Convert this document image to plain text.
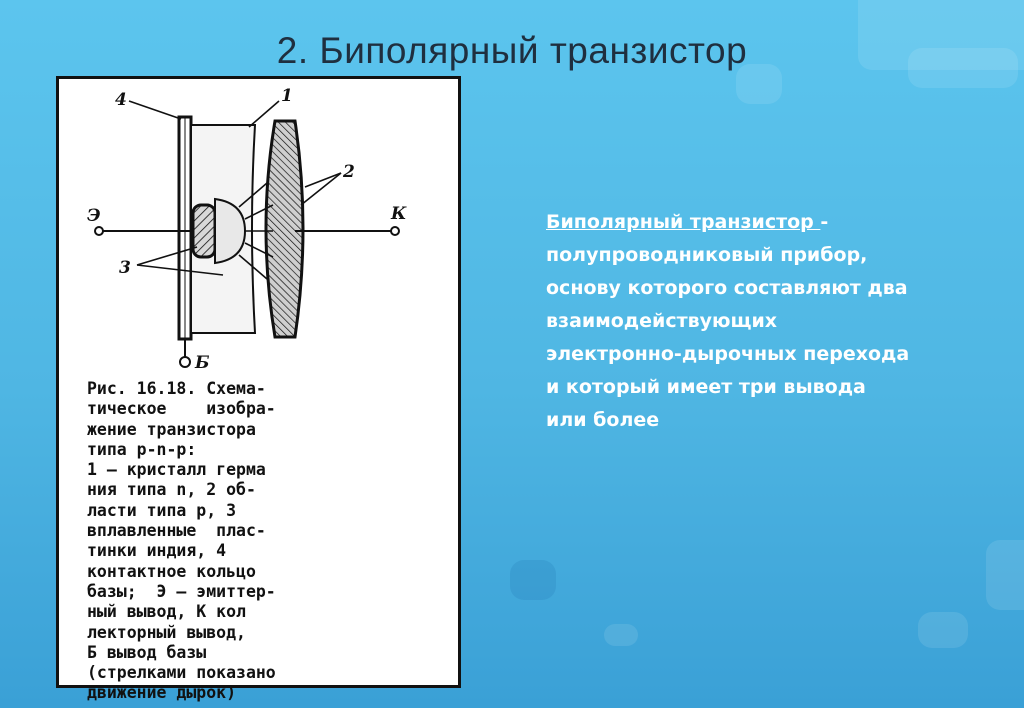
2. Биполярный транзистор
4	1
2
3
Э	К
Б
Рис. 16.18. Схема-
тическое    изобра-
жение транзистора
типа p-n-p:
1 — кристалл герма
ния типа n, 2 об-
ласти типа p, 3
вплавленные  плас-
тинки индия, 4
контактное кольцо
базы;  Э — эмиттер-
ный вывод, К кол
лекторный вывод,
Б вывод базы
(стрелками показано
движение дырок)
Биполярный транзистор -
полупроводниковый прибор,
основу которого составляют два
взаимодействующих
электронно-дырочных перехода
и который имеет три вывода
или более
